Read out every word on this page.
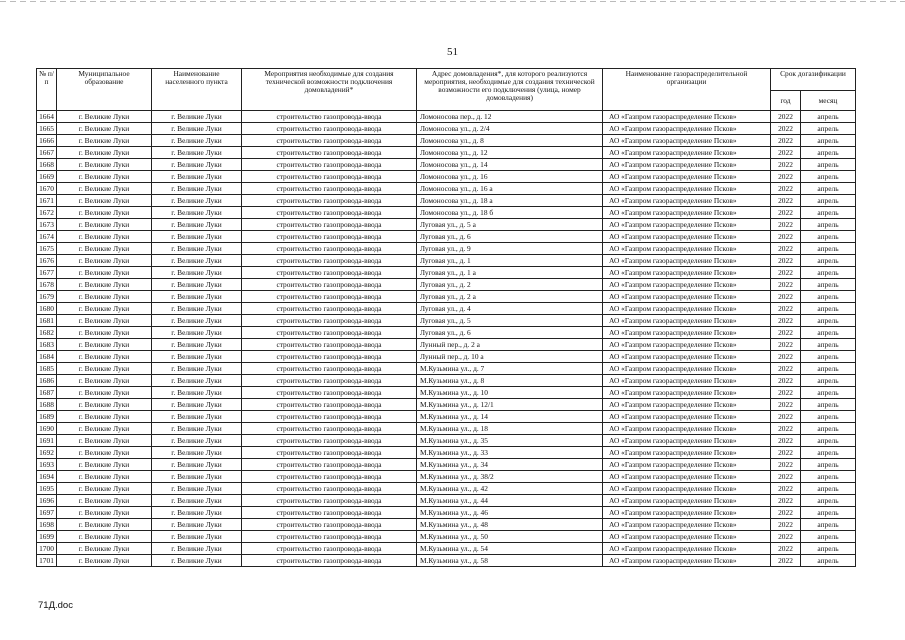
51
№ п/п	Муниципальное образование	Наименование населенного пункта	Мероприятия необходимые для создания технической возможности подключения домовладений*	Адрес домовладения*, для которого реализуются мероприятия, необходимые для создания технической возможности его подключения (улица, номер домовладения)	Наименование газораспределительной организации	Срок догазификации	
						год	месяц
1664	г. Великие Луки	г. Великие Луки	строительство газопровода-ввода	Ломоносова пер., д. 12	АО «Газпром газораспределение Псков»	2022	апрель
1665	г. Великие Луки	г. Великие Луки	строительство газопровода-ввода	Ломоносова ул., д. 2/4	АО «Газпром газораспределение Псков»	2022	апрель
1666	г. Великие Луки	г. Великие Луки	строительство газопровода-ввода	Ломоносова ул., д. 8	АО «Газпром газораспределение Псков»	2022	апрель
1667	г. Великие Луки	г. Великие Луки	строительство газопровода-ввода	Ломоносова ул., д. 12	АО «Газпром газораспределение Псков»	2022	апрель
1668	г. Великие Луки	г. Великие Луки	строительство газопровода-ввода	Ломоносова ул., д. 14	АО «Газпром газораспределение Псков»	2022	апрель
1669	г. Великие Луки	г. Великие Луки	строительство газопровода-ввода	Ломоносова ул., д. 16	АО «Газпром газораспределение Псков»	2022	апрель
1670	г. Великие Луки	г. Великие Луки	строительство газопровода-ввода	Ломоносова ул., д. 16 а	АО «Газпром газораспределение Псков»	2022	апрель
1671	г. Великие Луки	г. Великие Луки	строительство газопровода-ввода	Ломоносова ул., д. 18 а	АО «Газпром газораспределение Псков»	2022	апрель
1672	г. Великие Луки	г. Великие Луки	строительство газопровода-ввода	Ломоносова ул., д. 18 б	АО «Газпром газораспределение Псков»	2022	апрель
1673	г. Великие Луки	г. Великие Луки	строительство газопровода-ввода	Луговая ул., д. 5 а	АО «Газпром газораспределение Псков»	2022	апрель
1674	г. Великие Луки	г. Великие Луки	строительство газопровода-ввода	Луговая ул., д. 6	АО «Газпром газораспределение Псков»	2022	апрель
1675	г. Великие Луки	г. Великие Луки	строительство газопровода-ввода	Луговая ул., д. 9	АО «Газпром газораспределение Псков»	2022	апрель
1676	г. Великие Луки	г. Великие Луки	строительство газопровода-ввода	Луговая ул., д. 1	АО «Газпром газораспределение Псков»	2022	апрель
1677	г. Великие Луки	г. Великие Луки	строительство газопровода-ввода	Луговая ул., д. 1 а	АО «Газпром газораспределение Псков»	2022	апрель
1678	г. Великие Луки	г. Великие Луки	строительство газопровода-ввода	Луговая ул., д. 2	АО «Газпром газораспределение Псков»	2022	апрель
1679	г. Великие Луки	г. Великие Луки	строительство газопровода-ввода	Луговая ул., д. 2 а	АО «Газпром газораспределение Псков»	2022	апрель
1680	г. Великие Луки	г. Великие Луки	строительство газопровода-ввода	Луговая ул., д. 4	АО «Газпром газораспределение Псков»	2022	апрель
1681	г. Великие Луки	г. Великие Луки	строительство газопровода-ввода	Луговая ул., д. 5	АО «Газпром газораспределение Псков»	2022	апрель
1682	г. Великие Луки	г. Великие Луки	строительство газопровода-ввода	Луговая ул., д. 6	АО «Газпром газораспределение Псков»	2022	апрель
1683	г. Великие Луки	г. Великие Луки	строительство газопровода-ввода	Лунный пер., д. 2 а	АО «Газпром газораспределение Псков»	2022	апрель
1684	г. Великие Луки	г. Великие Луки	строительство газопровода-ввода	Лунный пер., д. 10 а	АО «Газпром газораспределение Псков»	2022	апрель
1685	г. Великие Луки	г. Великие Луки	строительство газопровода-ввода	М.Кузьмина ул., д. 7	АО «Газпром газораспределение Псков»	2022	апрель
1686	г. Великие Луки	г. Великие Луки	строительство газопровода-ввода	М.Кузьмина ул., д. 8	АО «Газпром газораспределение Псков»	2022	апрель
1687	г. Великие Луки	г. Великие Луки	строительство газопровода-ввода	М.Кузьмина ул., д. 10	АО «Газпром газораспределение Псков»	2022	апрель
1688	г. Великие Луки	г. Великие Луки	строительство газопровода-ввода	М.Кузьмина ул., д. 12/1	АО «Газпром газораспределение Псков»	2022	апрель
1689	г. Великие Луки	г. Великие Луки	строительство газопровода-ввода	М.Кузьмина ул., д. 14	АО «Газпром газораспределение Псков»	2022	апрель
1690	г. Великие Луки	г. Великие Луки	строительство газопровода-ввода	М.Кузьмина ул., д. 18	АО «Газпром газораспределение Псков»	2022	апрель
1691	г. Великие Луки	г. Великие Луки	строительство газопровода-ввода	М.Кузьмина ул., д. 35	АО «Газпром газораспределение Псков»	2022	апрель
1692	г. Великие Луки	г. Великие Луки	строительство газопровода-ввода	М.Кузьмина ул., д. 33	АО «Газпром газораспределение Псков»	2022	апрель
1693	г. Великие Луки	г. Великие Луки	строительство газопровода-ввода	М.Кузьмина ул., д. 34	АО «Газпром газораспределение Псков»	2022	апрель
1694	г. Великие Луки	г. Великие Луки	строительство газопровода-ввода	М.Кузьмина ул., д. 38/2	АО «Газпром газораспределение Псков»	2022	апрель
1695	г. Великие Луки	г. Великие Луки	строительство газопровода-ввода	М.Кузьмина ул., д. 42	АО «Газпром газораспределение Псков»	2022	апрель
1696	г. Великие Луки	г. Великие Луки	строительство газопровода-ввода	М.Кузьмина ул., д. 44	АО «Газпром газораспределение Псков»	2022	апрель
1697	г. Великие Луки	г. Великие Луки	строительство газопровода-ввода	М.Кузьмина ул., д. 46	АО «Газпром газораспределение Псков»	2022	апрель
1698	г. Великие Луки	г. Великие Луки	строительство газопровода-ввода	М.Кузьмина ул., д. 48	АО «Газпром газораспределение Псков»	2022	апрель
1699	г. Великие Луки	г. Великие Луки	строительство газопровода-ввода	М.Кузьмина ул., д. 50	АО «Газпром газораспределение Псков»	2022	апрель
1700	г. Великие Луки	г. Великие Луки	строительство газопровода-ввода	М.Кузьмина ул., д. 54	АО «Газпром газораспределение Псков»	2022	апрель
1701	г. Великие Луки	г. Великие Луки	строительство газопровода-ввода	М.Кузьмина ул., д. 58	АО «Газпром газораспределение Псков»	2022	апрель
71Д.doc
